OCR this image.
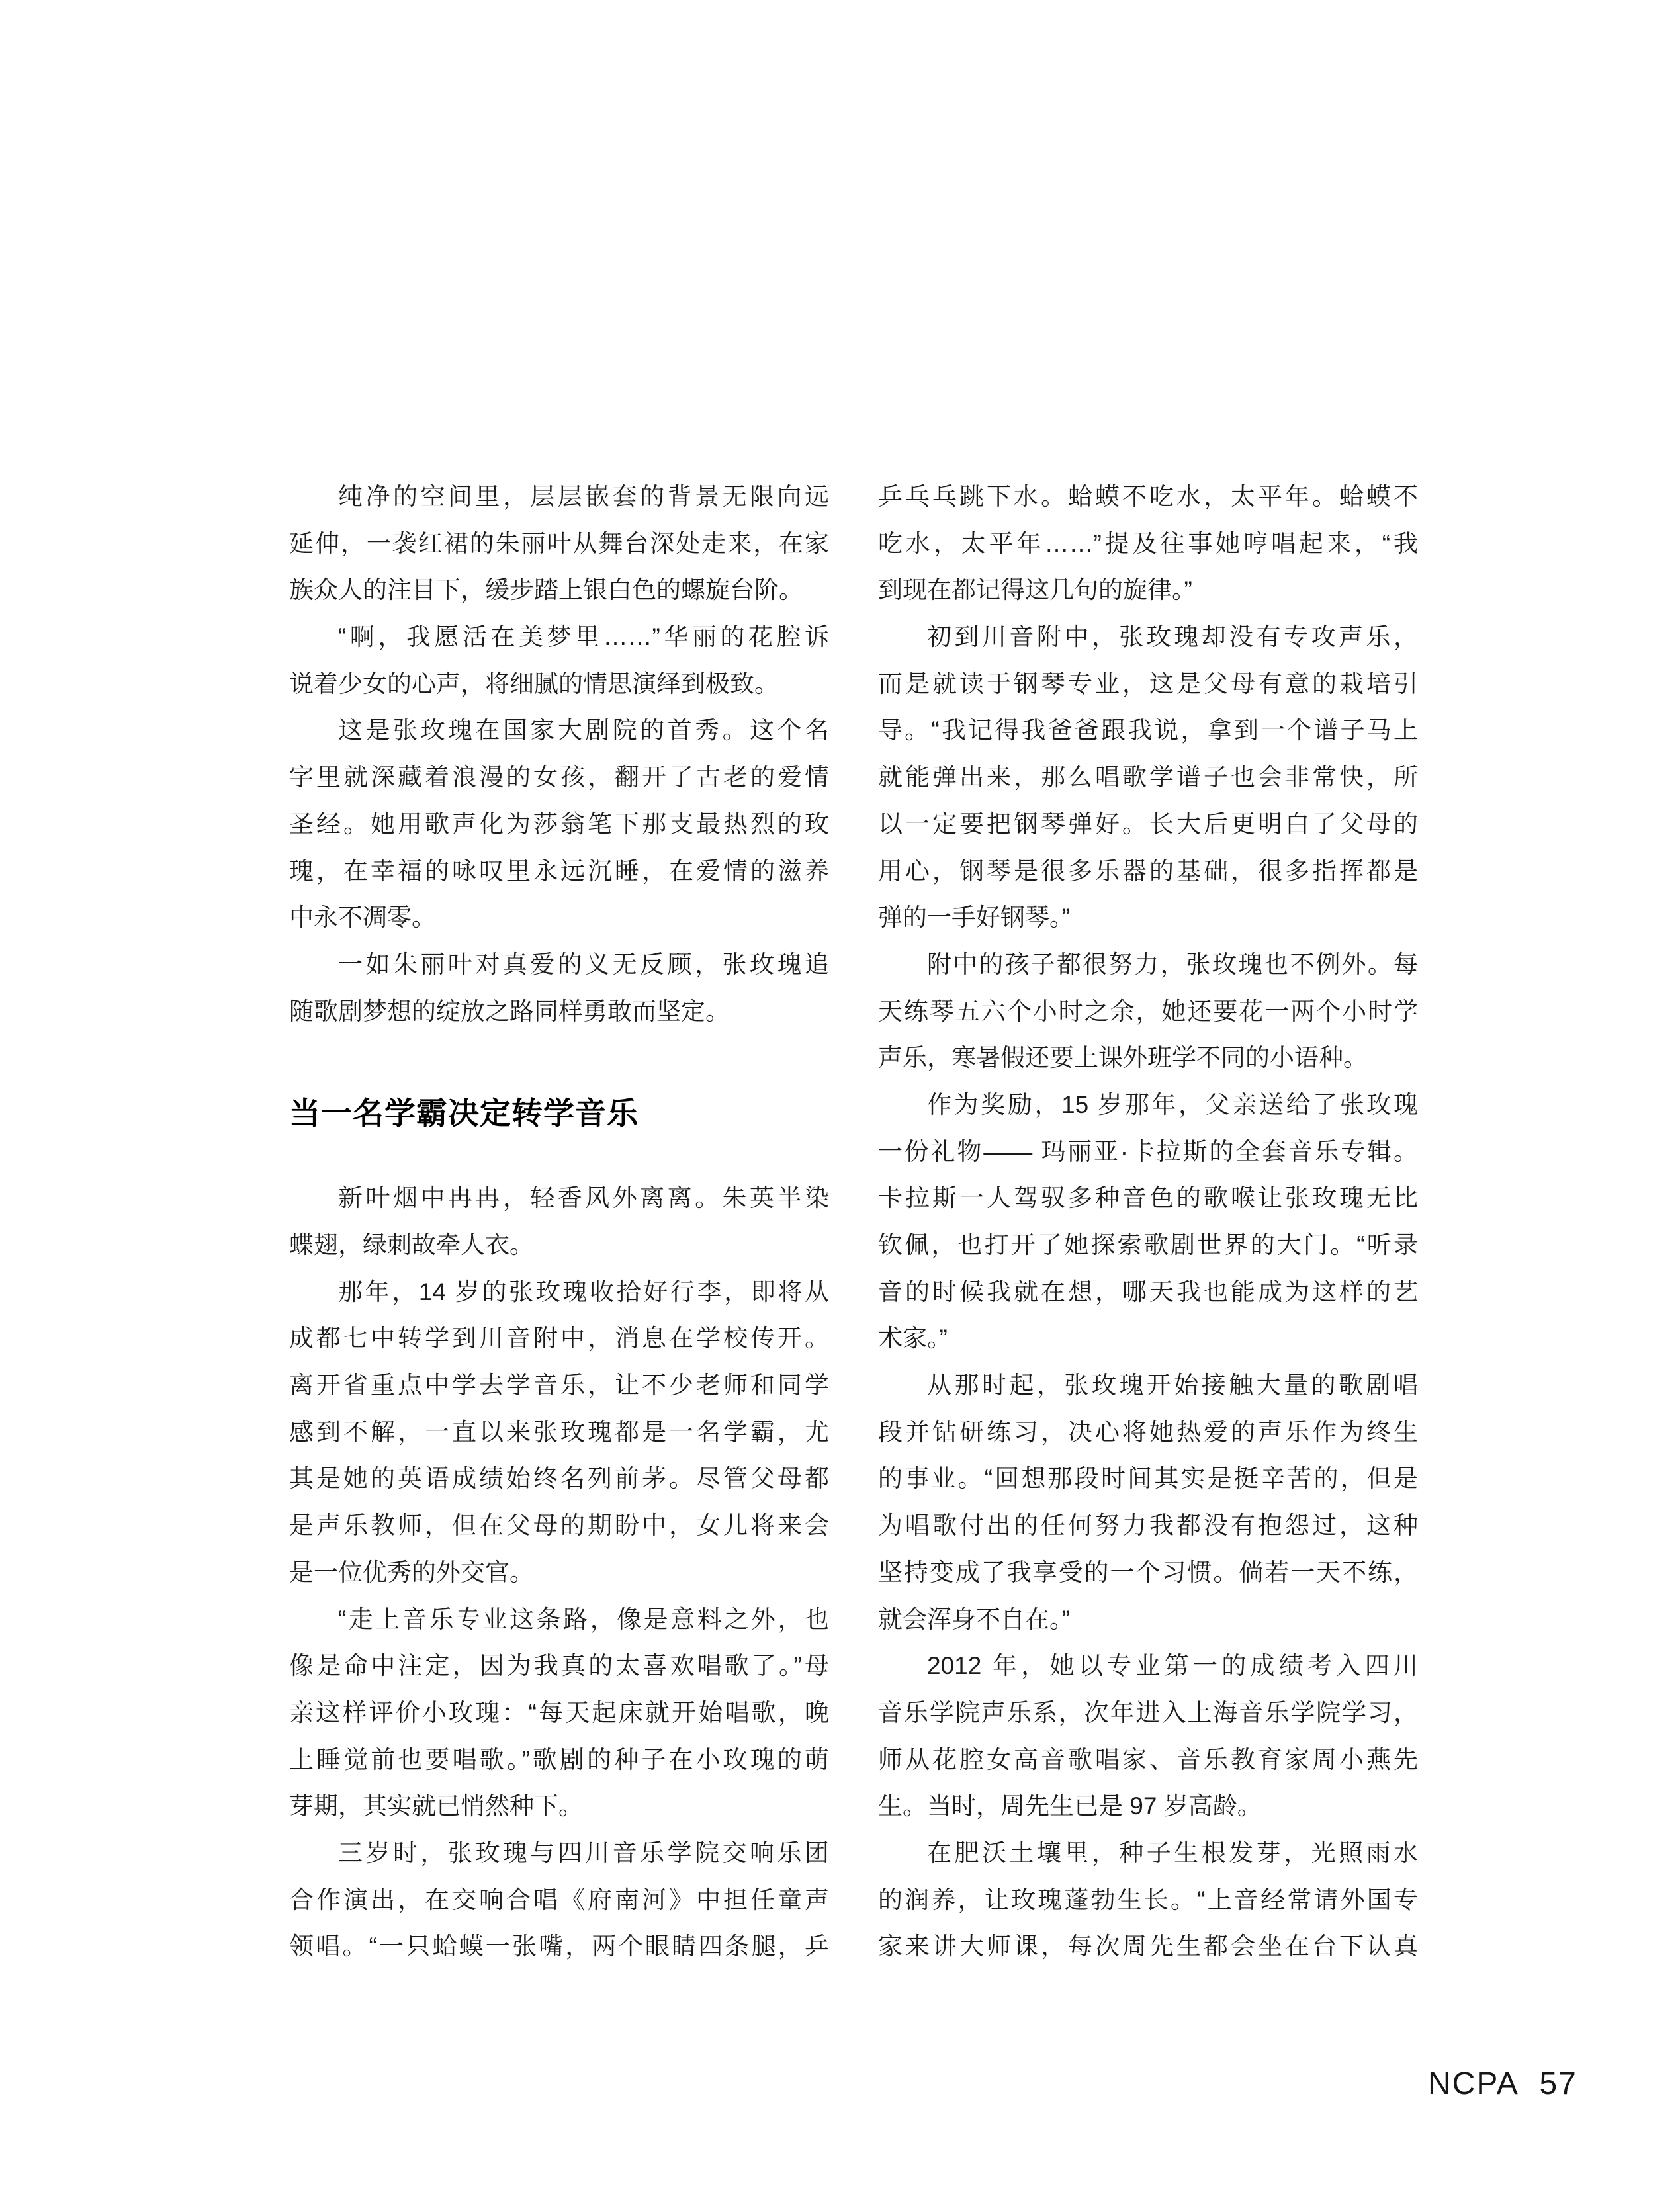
纯净的空间里，层层嵌套的背景无限向远
延伸，一袭红裙的朱丽叶从舞台深处走来，在家
族众人的注目下，缓步踏上银白色的螺旋台阶。
“啊，我愿活在美梦里……”华丽的花腔诉
说着少女的心声，将细腻的情思演绎到极致。
这是张玫瑰在国家大剧院的首秀。这个名
字里就深藏着浪漫的女孩，翻开了古老的爱情
圣经。她用歌声化为莎翁笔下那支最热烈的玫
瑰，在幸福的咏叹里永远沉睡，在爱情的滋养
中永不凋零。
一如朱丽叶对真爱的义无反顾，张玫瑰追
随歌剧梦想的绽放之路同样勇敢而坚定。
当一名学霸决定转学音乐
新叶烟中冉冉，轻香风外离离。朱英半染
蝶翅，绿刺故牵人衣。
那年，14 岁的张玫瑰收拾好行李，即将从
成都七中转学到川音附中，消息在学校传开。
离开省重点中学去学音乐，让不少老师和同学
感到不解，一直以来张玫瑰都是一名学霸，尤
其是她的英语成绩始终名列前茅。尽管父母都
是声乐教师，但在父母的期盼中，女儿将来会
是一位优秀的外交官。
“走上音乐专业这条路，像是意料之外，也
像是命中注定，因为我真的太喜欢唱歌了。”母
亲这样评价小玫瑰：“每天起床就开始唱歌，晚
上睡觉前也要唱歌。”歌剧的种子在小玫瑰的萌
芽期，其实就已悄然种下。
三岁时，张玫瑰与四川音乐学院交响乐团
合作演出，在交响合唱《府南河》中担任童声
领唱。“一只蛤蟆一张嘴，两个眼睛四条腿，乒
乒乓乓跳下水。蛤蟆不吃水，太平年。蛤蟆不
吃水，太平年……”提及往事她哼唱起来，“我
到现在都记得这几句的旋律。”
初到川音附中，张玫瑰却没有专攻声乐，
而是就读于钢琴专业，这是父母有意的栽培引
导。“我记得我爸爸跟我说，拿到一个谱子马上
就能弹出来，那么唱歌学谱子也会非常快，所
以一定要把钢琴弹好。长大后更明白了父母的
用心，钢琴是很多乐器的基础，很多指挥都是
弹的一手好钢琴。”
附中的孩子都很努力，张玫瑰也不例外。每
天练琴五六个小时之余，她还要花一两个小时学
声乐，寒暑假还要上课外班学不同的小语种。
作为奖励，15 岁那年，父亲送给了张玫瑰
一份礼物—— 玛丽亚·卡拉斯的全套音乐专辑。
卡拉斯一人驾驭多种音色的歌喉让张玫瑰无比
钦佩，也打开了她探索歌剧世界的大门。“听录
音的时候我就在想，哪天我也能成为这样的艺
术家。”
从那时起，张玫瑰开始接触大量的歌剧唱
段并钻研练习，决心将她热爱的声乐作为终生
的事业。“回想那段时间其实是挺辛苦的，但是
为唱歌付出的任何努力我都没有抱怨过，这种
坚持变成了我享受的一个习惯。倘若一天不练，
就会浑身不自在。”
2012 年，她以专业第一的成绩考入四川
音乐学院声乐系，次年进入上海音乐学院学习，
师从花腔女高音歌唱家、音乐教育家周小燕先
生。当时，周先生已是 97 岁高龄。
在肥沃土壤里，种子生根发芽，光照雨水
的润养，让玫瑰蓬勃生长。“上音经常请外国专
家来讲大师课，每次周先生都会坐在台下认真
NCPA 57
